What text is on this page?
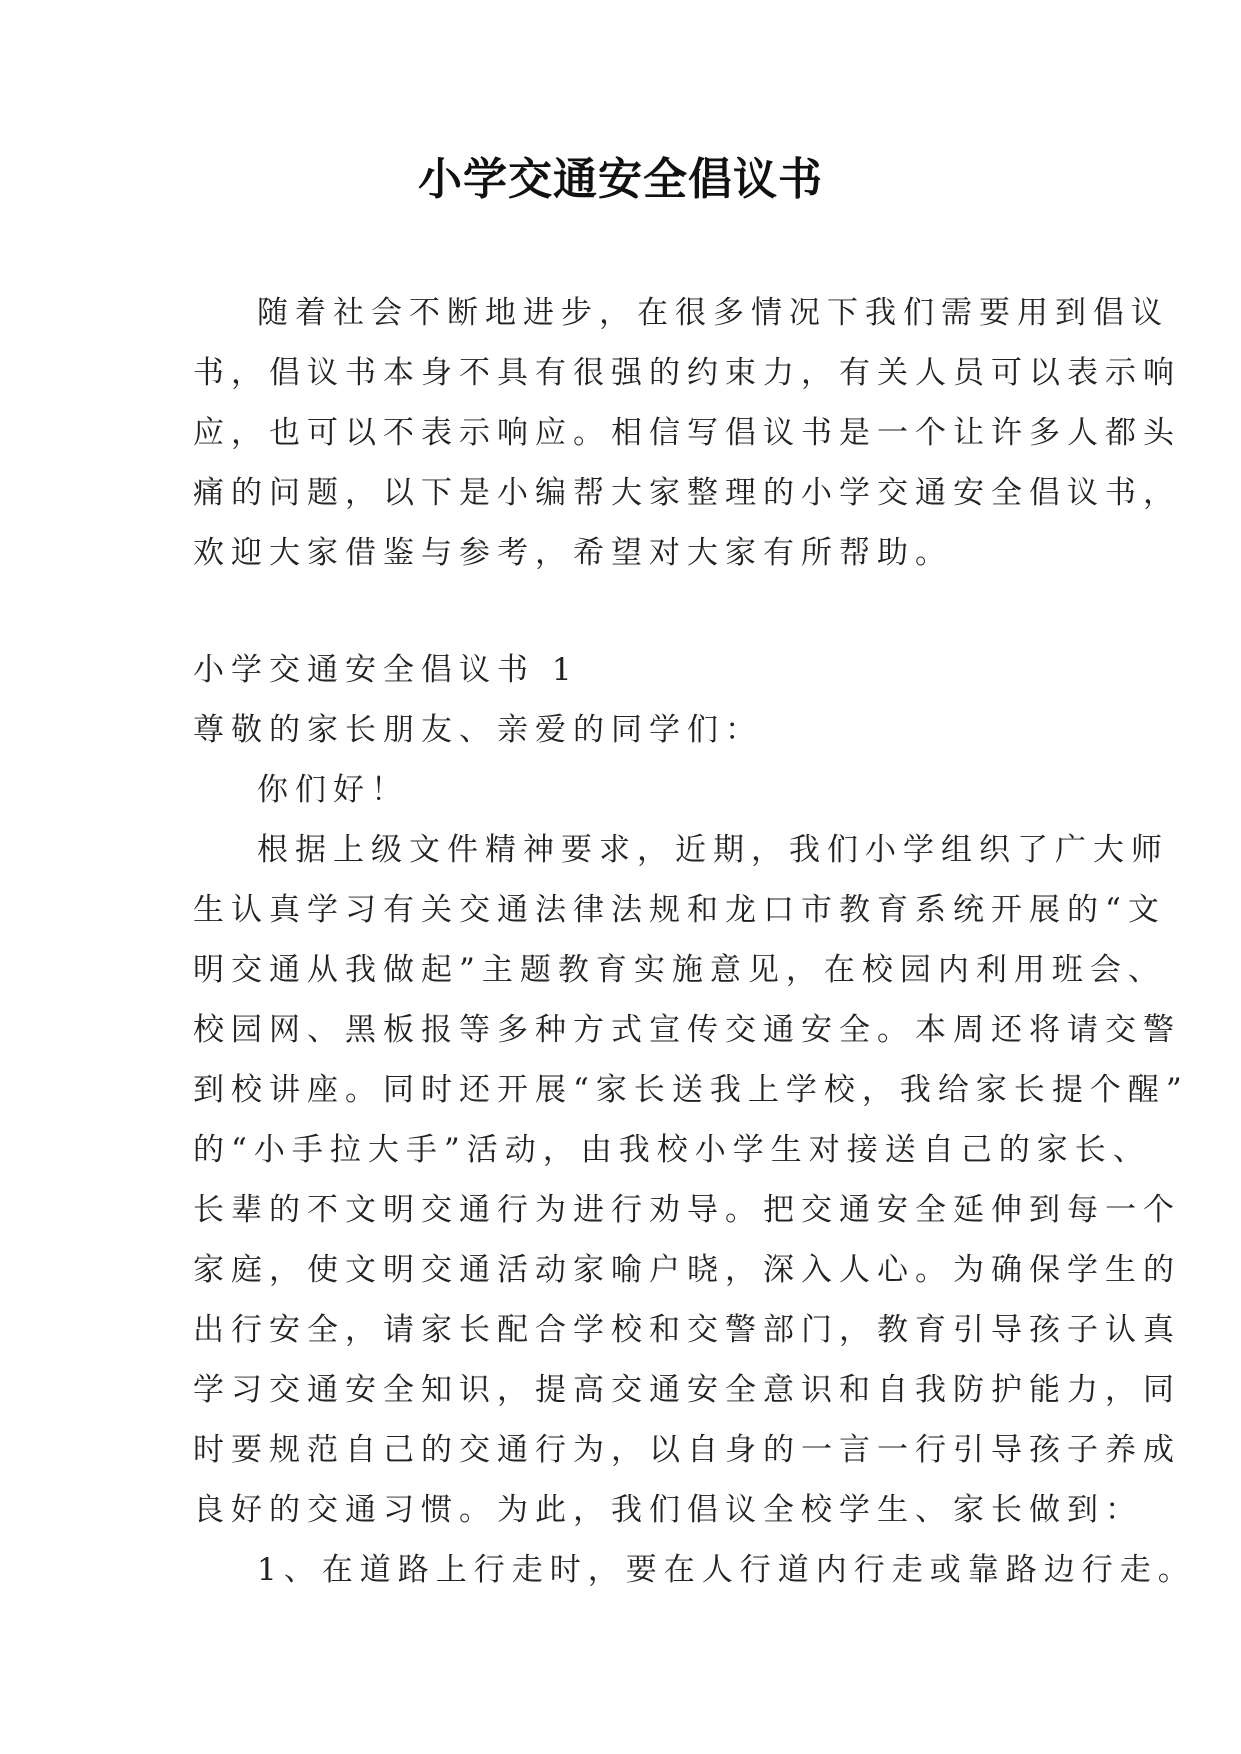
小学交通安全倡议书
随着社会不断地进步，在很多情况下我们需要用到倡议
书，倡议书本身不具有很强的约束力，有关人员可以表示响
应，也可以不表示响应。相信写倡议书是一个让许多人都头
痛的问题，以下是小编帮大家整理的小学交通安全倡议书，
欢迎大家借鉴与参考，希望对大家有所帮助。
小学交通安全倡议书 1
尊敬的家长朋友、亲爱的同学们：
你们好！
根据上级文件精神要求，近期，我们小学组织了广大师
生认真学习有关交通法律法规和龙口市教育系统开展的“文
明交通从我做起”主题教育实施意见，在校园内利用班会、
校园网、黑板报等多种方式宣传交通安全。本周还将请交警
到校讲座。同时还开展“家长送我上学校，我给家长提个醒”
的“小手拉大手”活动，由我校小学生对接送自己的家长、
长辈的不文明交通行为进行劝导。把交通安全延伸到每一个
家庭，使文明交通活动家喻户晓，深入人心。为确保学生的
出行安全，请家长配合学校和交警部门，教育引导孩子认真
学习交通安全知识，提高交通安全意识和自我防护能力，同
时要规范自己的交通行为，以自身的一言一行引导孩子养成
良好的交通习惯。为此，我们倡议全校学生、家长做到：
1、在道路上行走时，要在人行道内行走或靠路边行走。
